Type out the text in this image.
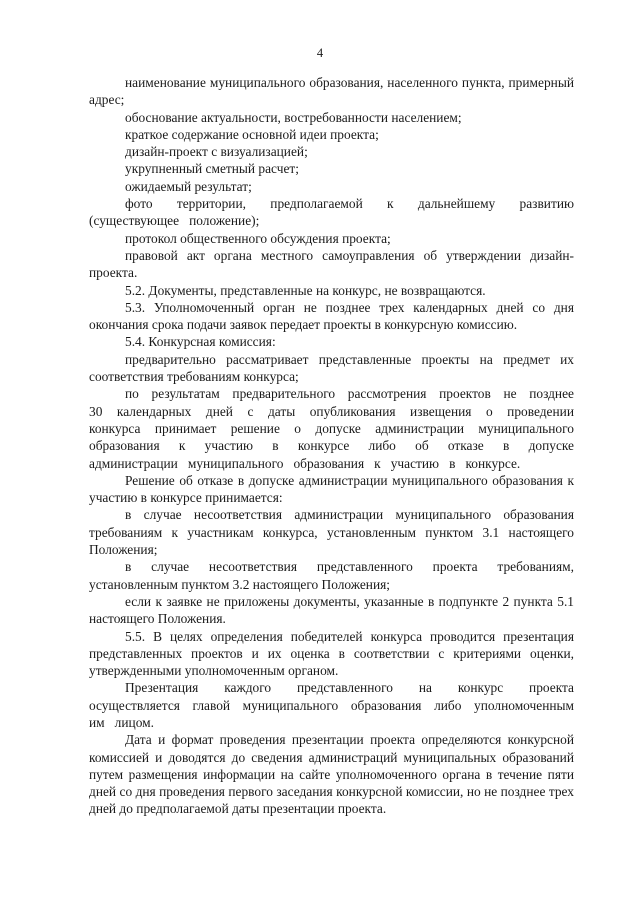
4

наименование муниципального образования, населенного пункта, примерный адрес;

обоснование актуальности, востребованности населением;

краткое содержание основной идеи проекта;

дизайн-проект с визуализацией;

укрупненный сметный расчет;

ожидаемый результат;

фото территории, предполагаемой к дальнейшему развитию (существующее положение);

протокол общественного обсуждения проекта;

правовой акт органа местного самоуправления об утверждении дизайн-проекта.

5.2. Документы, представленные на конкурс, не возвращаются.

5.3. Уполномоченный орган не позднее трех календарных дней со дня окончания срока подачи заявок передает проекты в конкурсную комиссию.

5.4. Конкурсная комиссия:

предварительно рассматривает представленные проекты на предмет их соответствия требованиям конкурса;

по результатам предварительного рассмотрения проектов не позднее 30 календарных дней с даты опубликования извещения о проведении конкурса принимает решение о допуске администрации муниципального образования к участию в конкурсе либо об отказе в допуске администрации муниципального образования к участию в конкурсе.

Решение об отказе в допуске администрации муниципального образования к участию в конкурсе принимается:

в случае несоответствия администрации муниципального образования требованиям к участникам конкурса, установленным пунктом 3.1 настоящего Положения;

в случае несоответствия представленного проекта требованиям, установленным пунктом 3.2 настоящего Положения;

если к заявке не приложены документы, указанные в подпункте 2 пункта 5.1 настоящего Положения.

5.5. В целях определения победителей конкурса проводится презентация представленных проектов и их оценка в соответствии с критериями оценки, утвержденными уполномоченным органом.

Презентация каждого представленного на конкурс проекта осуществляется главой муниципального образования либо уполномоченным им лицом.

Дата и формат проведения презентации проекта определяются конкурсной комиссией и доводятся до сведения администраций муниципальных образований путем размещения информации на сайте уполномоченного органа в течение пяти дней со дня проведения первого заседания конкурсной комиссии, но не позднее трех дней до предполагаемой даты презентации проекта.
